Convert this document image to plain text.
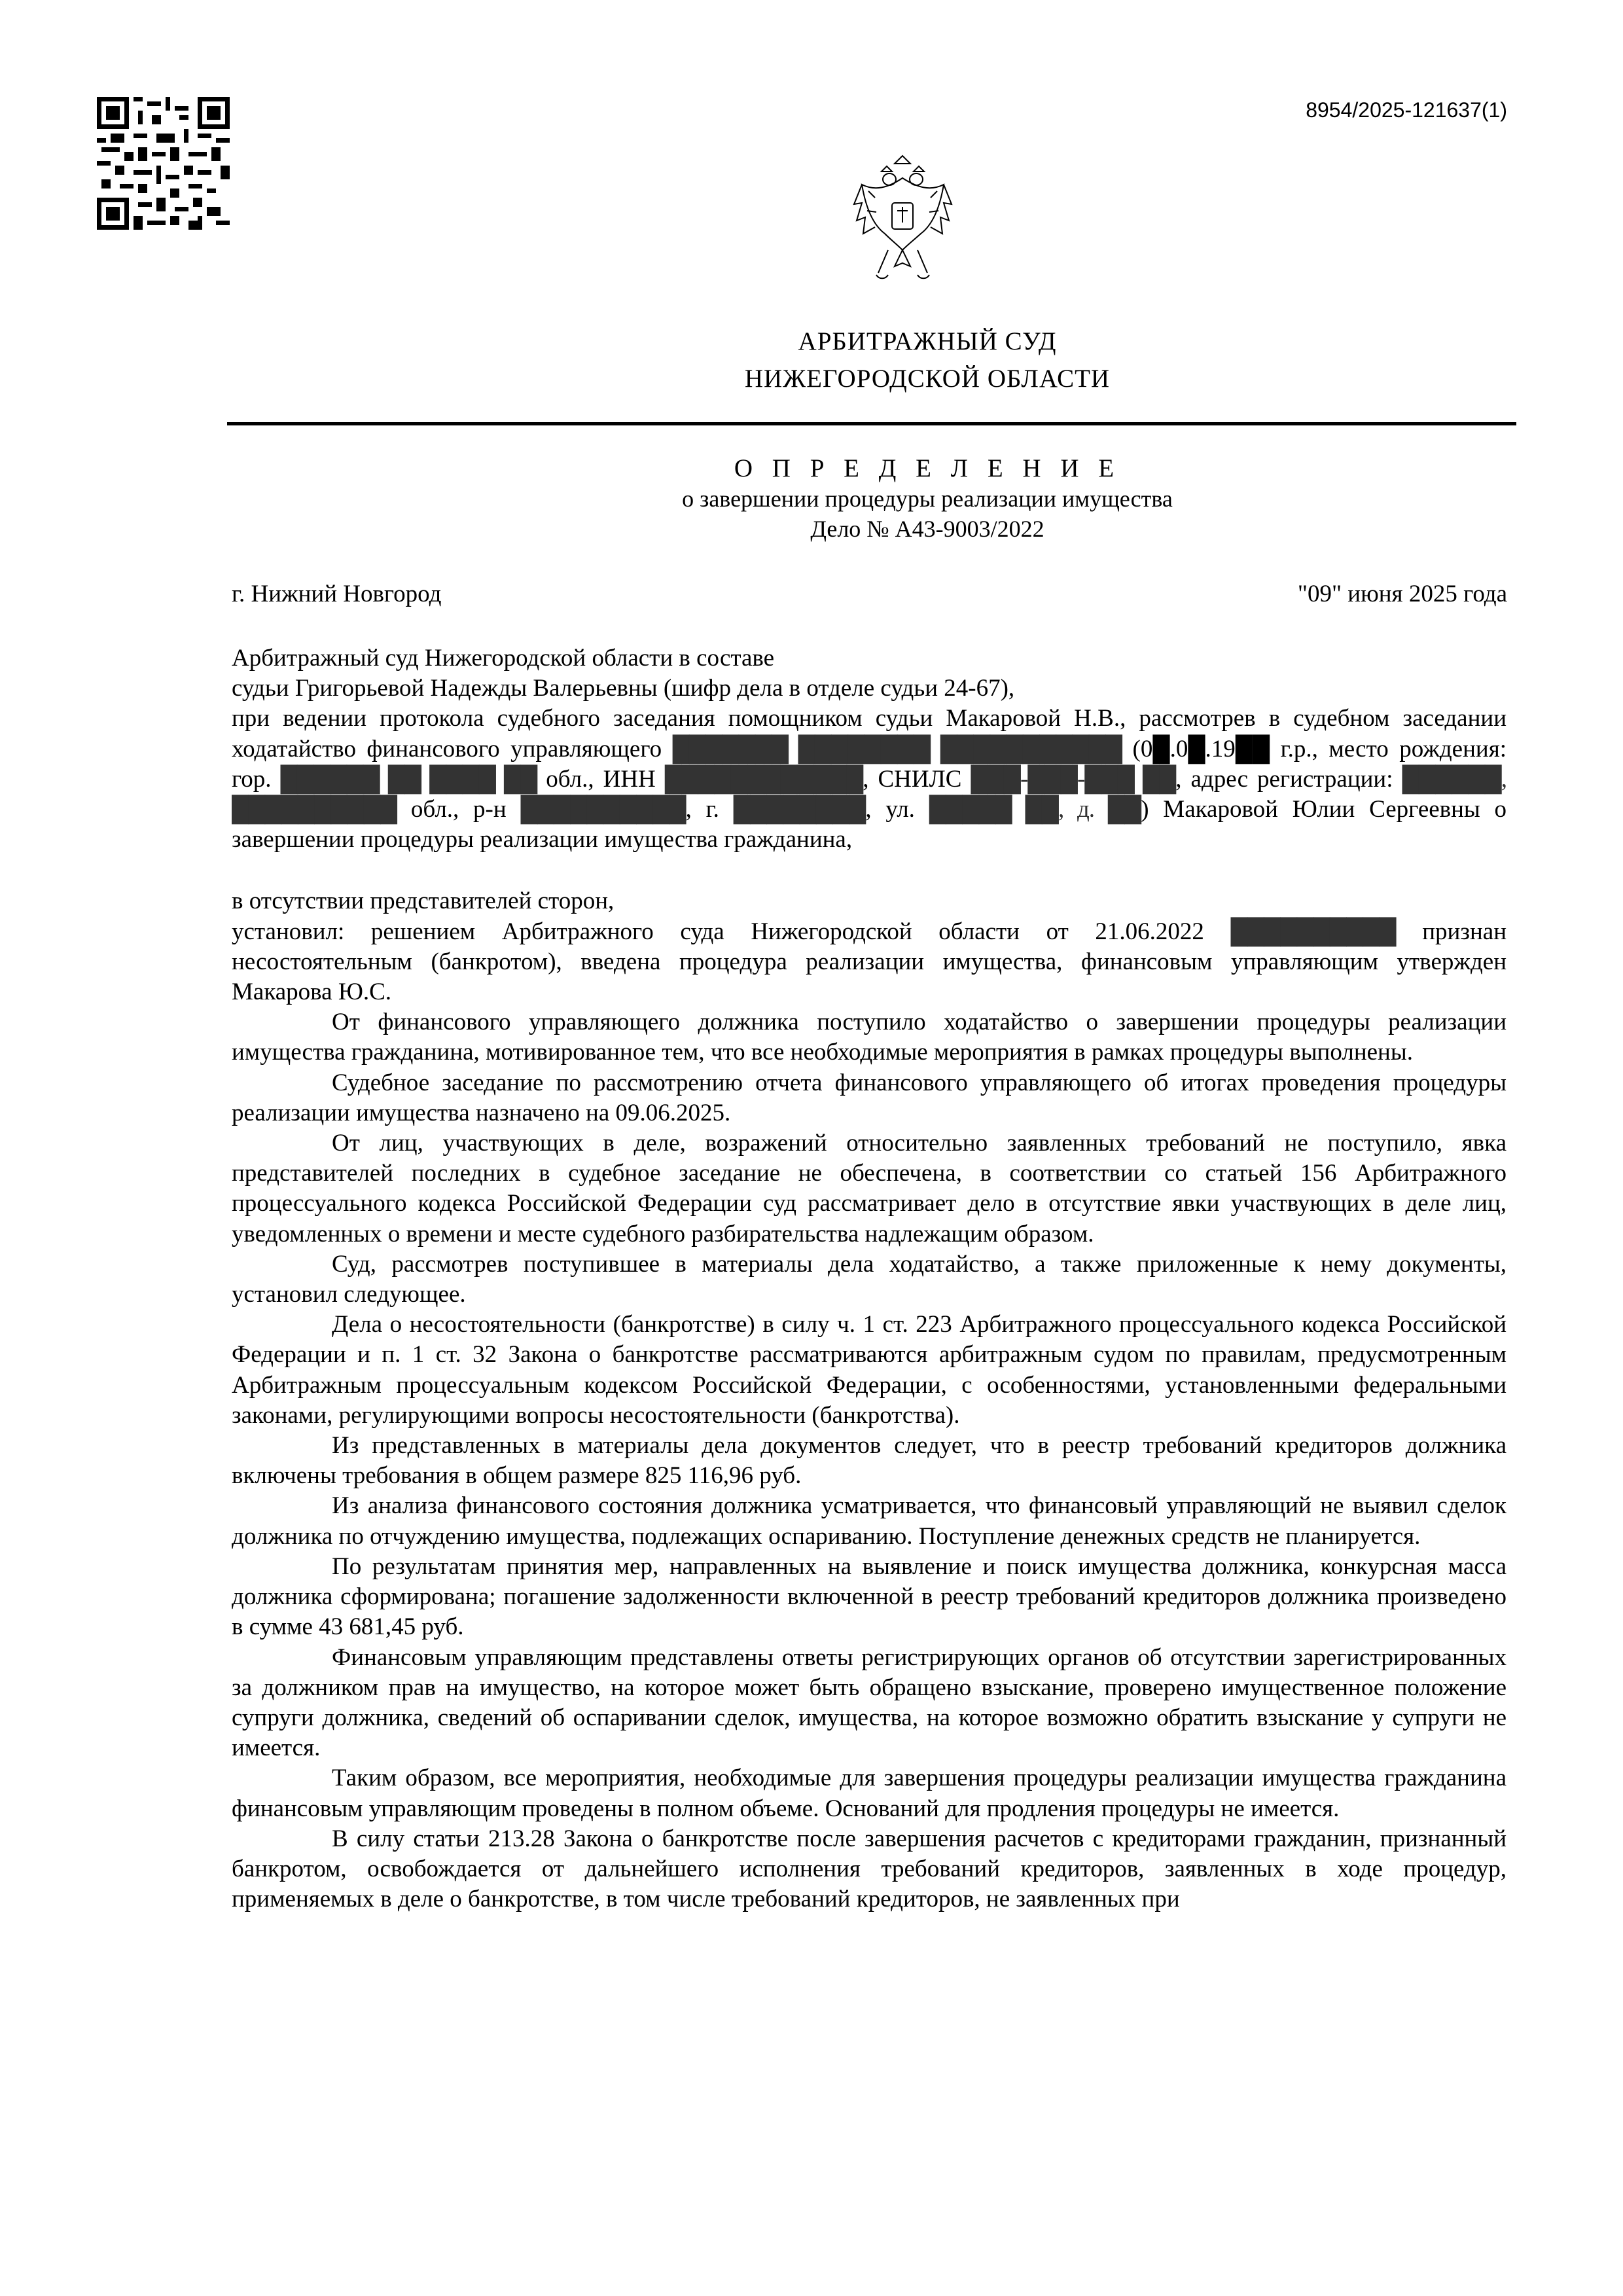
8954/2025-121637(1)
АРБИТРАЖНЫЙ СУД
НИЖЕГОРОДСКОЙ ОБЛАСТИ
О П Р Е Д Е Л Е Н И Е
о завершении процедуры реализации имущества
Дело № А43-9003/2022
г. Нижний Новгород	"09" июня 2025 года

Арбитражный суд Нижегородской области в составе

судьи Григорьевой Надежды Валерьевны (шифр дела в отделе судьи 24-67),

при ведении протокола судебного заседания помощником судьи Макаровой Н.В., рассмотрев в судебном заседании ходатайство финансового управляющего ███████ ████████ ███████████ (0█.0█.19██ г.р., место рождения: гор. ██████ ██ ████ ██ обл., ИНН ████████████, СНИЛС ███-███-███ ██, адрес регистрации: ██████, ██████████ обл., р-н ██████████, г. ████████, ул. █████ ██, д. ██) Макаровой Юлии Сергеевны о завершении процедуры реализации имущества гражданина,

в отсутствии представителей сторон,

установил: решением Арбитражного суда Нижегородской области от 21.06.2022 ██████████ признан несостоятельным (банкротом), введена процедура реализации имущества, финансовым управляющим утвержден Макарова Ю.С.

От финансового управляющего должника поступило ходатайство о завершении процедуры реализации имущества гражданина, мотивированное тем, что все необходимые мероприятия в рамках процедуры выполнены.

Судебное заседание по рассмотрению отчета финансового управляющего об итогах проведения процедуры реализации имущества назначено на 09.06.2025.

От лиц, участвующих в деле, возражений относительно заявленных требований не поступило, явка представителей последних в судебное заседание не обеспечена, в соответствии со статьей 156 Арбитражного процессуального кодекса Российской Федерации суд рассматривает дело в отсутствие явки участвующих в деле лиц, уведомленных о времени и месте судебного разбирательства надлежащим образом.

Суд, рассмотрев поступившее в материалы дела ходатайство, а также приложенные к нему документы, установил следующее.

Дела о несостоятельности (банкротстве) в силу ч. 1 ст. 223 Арбитражного процессуального кодекса Российской Федерации и п. 1 ст. 32 Закона о банкротстве рассматриваются арбитражным судом по правилам, предусмотренным Арбитражным процессуальным кодексом Российской Федерации, с особенностями, установленными федеральными законами, регулирующими вопросы несостоятельности (банкротства).

Из представленных в материалы дела документов следует, что в реестр требований кредиторов должника включены требования в общем размере 825 116,96 руб.

Из анализа финансового состояния должника усматривается, что финансовый управляющий не выявил сделок должника по отчуждению имущества, подлежащих оспариванию. Поступление денежных средств не планируется.

По результатам принятия мер, направленных на выявление и поиск имущества должника, конкурсная масса должника сформирована; погашение задолженности включенной в реестр требований кредиторов должника произведено в сумме 43 681,45 руб.

Финансовым управляющим представлены ответы регистрирующих органов об отсутствии зарегистрированных за должником прав на имущество, на которое может быть обращено взыскание, проверено имущественное положение супруги должника, сведений об оспаривании сделок, имущества, на которое возможно обратить взыскание у супруги не имеется.

Таким образом, все мероприятия, необходимые для завершения процедуры реализации имущества гражданина финансовым управляющим проведены в полном объеме. Оснований для продления процедуры не имеется.

В силу статьи 213.28 Закона о банкротстве после завершения расчетов с кредиторами гражданин, признанный банкротом, освобождается от дальнейшего исполнения требований кредиторов, заявленных в ходе процедур, применяемых в деле о банкротстве, в том числе требований кредиторов, не заявленных при
